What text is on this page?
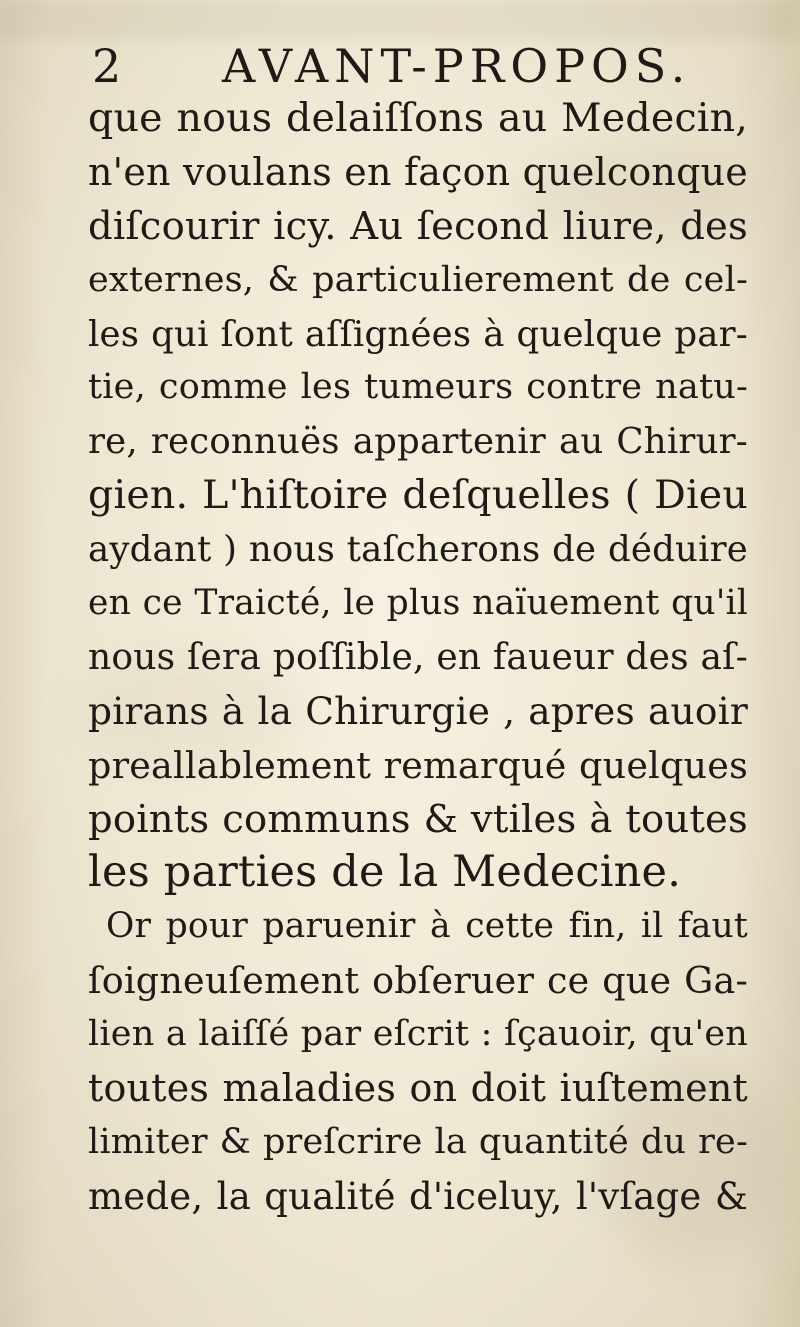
2 AVANT-PROPOS.
que nous delaiſſons au Medecin,
n'en voulans en façon quelconque
diſcourir icy. Au ſecond liure, des
externes, & particulierement de cel-
les qui ſont aſſignées à quelque par-
tie, comme les tumeurs contre natu-
re, reconnuës appartenir au Chirur-
gien. L'hiſtoire deſquelles ( Dieu
aydant ) nous taſcherons de déduire
en ce Traicté, le plus naïuement qu'il
nous ſera poſſible, en faueur des aſ-
pirans à la Chirurgie , apres auoir
preallablement remarqué quelques
points communs & vtiles à toutes
les parties de la Medecine.
Or pour paruenir à cette fin, il faut
ſoigneuſement obſeruer ce que Ga-
lien a laiſſé par eſcrit : ſçauoir, qu'en
toutes maladies on doit iuſtement
limiter & preſcrire la quantité du re-
mede, la qualité d'iceluy, l'vſage &
